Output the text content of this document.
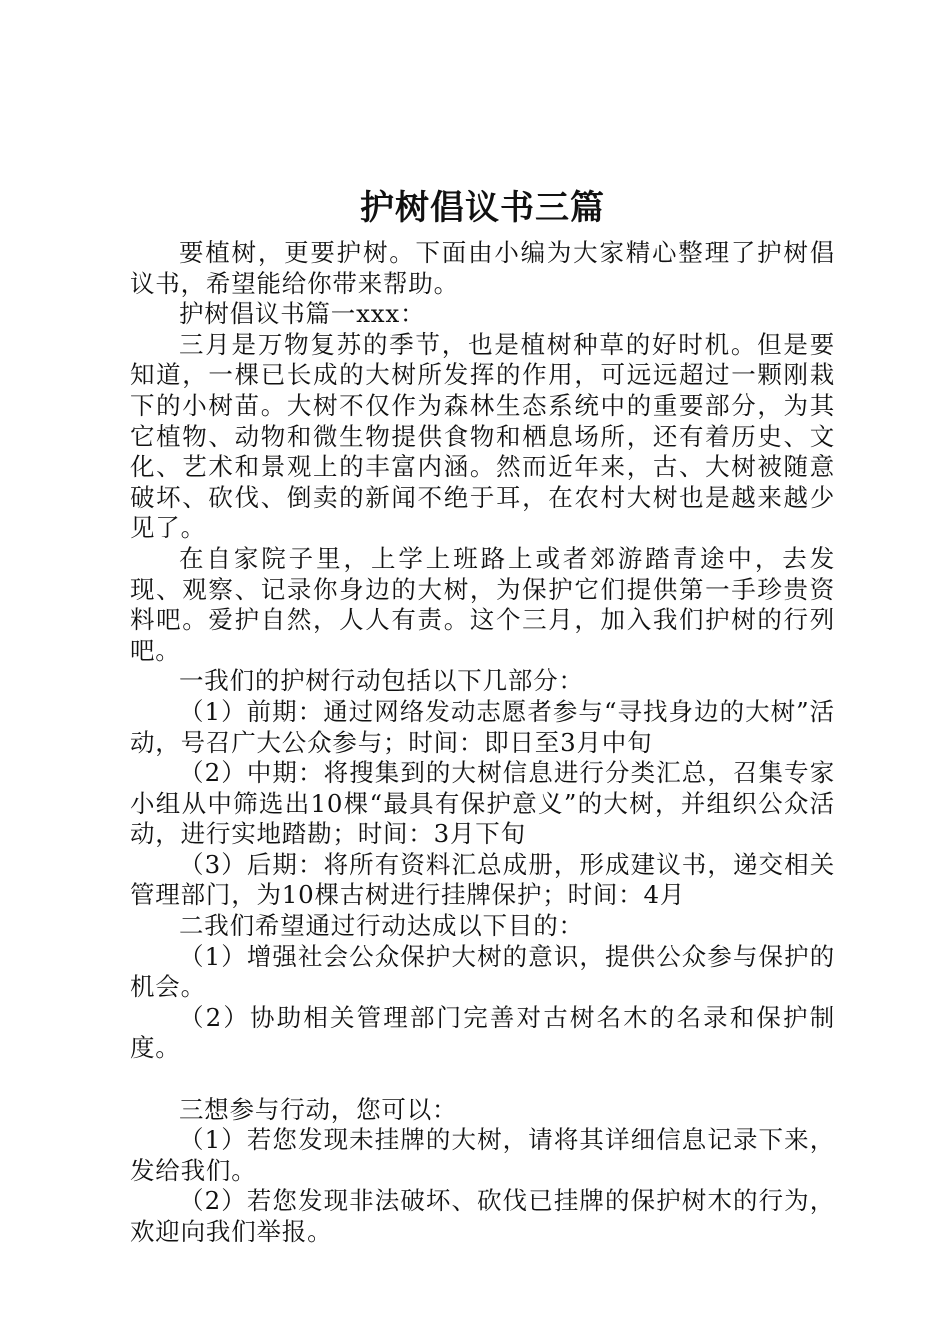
护树倡议书三篇

要植树，更要护树。下面由小编为大家精心整理了护树倡议书，希望能给你带来帮助。

护树倡议书篇一xxx：

三月是万物复苏的季节，也是植树种草的好时机。但是要知道，一棵已长成的大树所发挥的作用，可远远超过一颗刚栽下的小树苗。大树不仅作为森林生态系统中的重要部分，为其它植物、动物和微生物提供食物和栖息场所，还有着历史、文化、艺术和景观上的丰富内涵。然而近年来，古、大树被随意破坏、砍伐、倒卖的新闻不绝于耳，在农村大树也是越来越少见了。

在自家院子里，上学上班路上或者郊游踏青途中，去发现、观察、记录你身边的大树，为保护它们提供第一手珍贵资料吧。爱护自然，人人有责。这个三月，加入我们护树的行列吧。

一我们的护树行动包括以下几部分：

（1）前期：通过网络发动志愿者参与“寻找身边的大树”活动，号召广大公众参与；时间：即日至3月中旬

（2）中期：将搜集到的大树信息进行分类汇总，召集专家小组从中筛选出10棵“最具有保护意义”的大树，并组织公众活动，进行实地踏勘；时间：3月下旬

（3）后期：将所有资料汇总成册，形成建议书，递交相关管理部门，为10棵古树进行挂牌保护；时间：4月

二我们希望通过行动达成以下目的：

（1）增强社会公众保护大树的意识，提供公众参与保护的机会。

（2）协助相关管理部门完善对古树名木的名录和保护制度。

三想参与行动，您可以：

（1）若您发现未挂牌的大树，请将其详细信息记录下来，发给我们。

（2）若您发现非法破坏、砍伐已挂牌的保护树木的行为，欢迎向我们举报。
